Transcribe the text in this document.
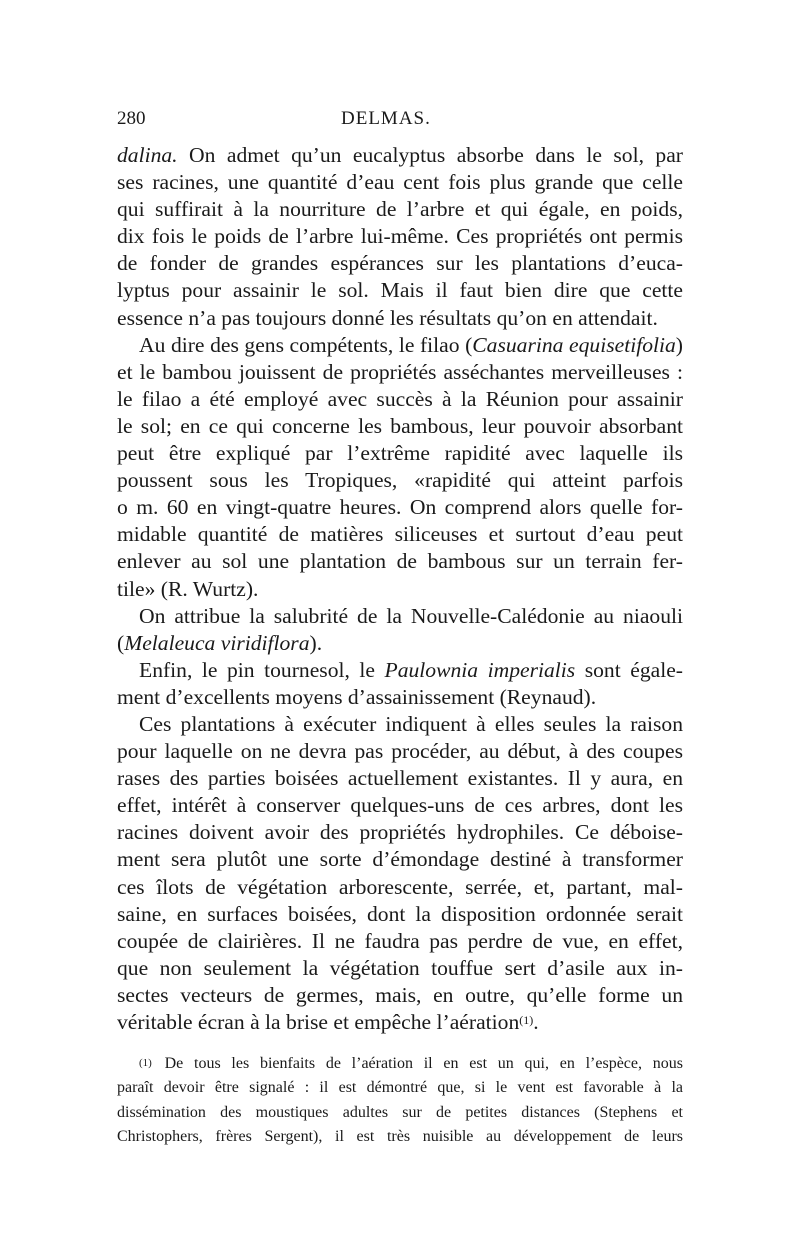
280	DELMAS.
dalina. On admet qu’un eucalyptus absorbe dans le sol, par
ses racines, une quantité d’eau cent fois plus grande que celle
qui suffirait à la nourriture de l’arbre et qui égale, en poids,
dix fois le poids de l’arbre lui-même. Ces propriétés ont permis
de fonder de grandes espérances sur les plantations d’euca-
lyptus pour assainir le sol. Mais il faut bien dire que cette
essence n’a pas toujours donné les résultats qu’on en attendait.
Au dire des gens compétents, le filao (Casuarina equisetifolia)
et le bambou jouissent de propriétés asséchantes merveilleuses :
le filao a été employé avec succès à la Réunion pour assainir
le sol; en ce qui concerne les bambous, leur pouvoir absorbant
peut être expliqué par l’extrême rapidité avec laquelle ils
poussent sous les Tropiques, «rapidité qui atteint parfois
o m. 60 en vingt-quatre heures. On comprend alors quelle for-
midable quantité de matières siliceuses et surtout d’eau peut
enlever au sol une plantation de bambous sur un terrain fer-
tile» (R. Wurtz).
On attribue la salubrité de la Nouvelle-Calédonie au niaouli
(Melaleuca viridiflora).
Enfin, le pin tournesol, le Paulownia imperialis sont égale-
ment d’excellents moyens d’assainissement (Reynaud).
Ces plantations à exécuter indiquent à elles seules la raison
pour laquelle on ne devra pas procéder, au début, à des coupes
rases des parties boisées actuellement existantes. Il y aura, en
effet, intérêt à conserver quelques-uns de ces arbres, dont les
racines doivent avoir des propriétés hydrophiles. Ce déboise-
ment sera plutôt une sorte d’émondage destiné à transformer
ces îlots de végétation arborescente, serrée, et, partant, mal-
saine, en surfaces boisées, dont la disposition ordonnée serait
coupée de clairières. Il ne faudra pas perdre de vue, en effet,
que non seulement la végétation touffue sert d’asile aux in-
sectes vecteurs de germes, mais, en outre, qu’elle forme un
véritable écran à la brise et empêche l’aération$^{(1)}$.
$^{(1)}$ De tous les bienfaits de l’aération il en est un qui, en l’espèce, nous
paraît devoir être signalé : il est démontré que, si le vent est favorable à la
dissémination des moustiques adultes sur de petites distances (Stephens et
Christophers, frères Sergent), il est très nuisible au développement de leurs
